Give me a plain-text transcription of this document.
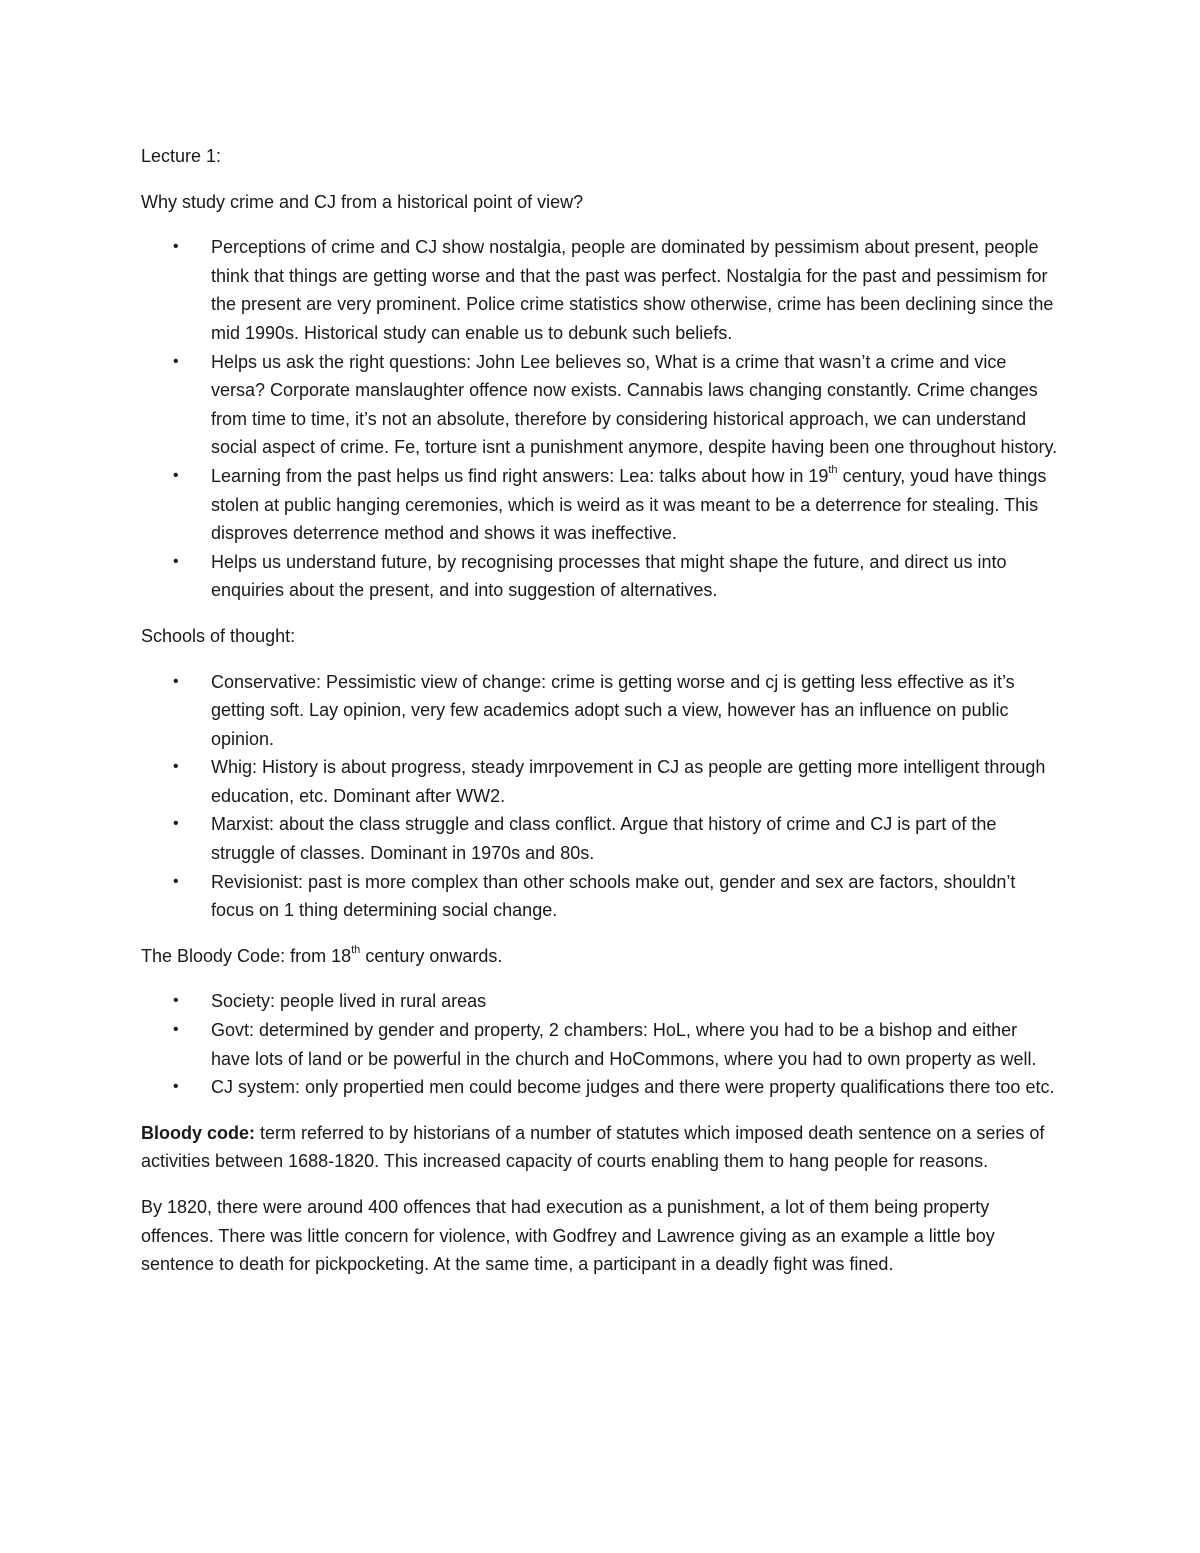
Lecture 1:

Why study crime and CJ from a historical point of view?

• Perceptions of crime and CJ show nostalgia, people are dominated by pessimism about present, people think that things are getting worse and that the past was perfect. Nostalgia for the past and pessimism for the present are very prominent. Police crime statistics show otherwise, crime has been declining since the mid 1990s. Historical study can enable us to debunk such beliefs.
• Helps us ask the right questions: John Lee believes so, What is a crime that wasn’t a crime and vice versa? Corporate manslaughter offence now exists. Cannabis laws changing constantly. Crime changes from time to time, it’s not an absolute, therefore by considering historical approach, we can understand social aspect of crime. Fe, torture isnt a punishment anymore, despite having been one throughout history.
• Learning from the past helps us find right answers: Lea: talks about how in 19th century, youd have things stolen at public hanging ceremonies, which is weird as it was meant to be a deterrence for stealing. This disproves deterrence method and shows it was ineffective.
• Helps us understand future, by recognising processes that might shape the future, and direct us into enquiries about the present, and into suggestion of alternatives.

Schools of thought:

• Conservative: Pessimistic view of change: crime is getting worse and cj is getting less effective as it’s getting soft. Lay opinion, very few academics adopt such a view, however has an influence on public opinion.
• Whig: History is about progress, steady imrpovement in CJ as people are getting more intelligent through education, etc. Dominant after WW2.
• Marxist: about the class struggle and class conflict. Argue that history of crime and CJ is part of the struggle of classes. Dominant in 1970s and 80s.
• Revisionist: past is more complex than other schools make out, gender and sex are factors, shouldn’t focus on 1 thing determining social change.

The Bloody Code: from 18th century onwards.

• Society: people lived in rural areas
• Govt: determined by gender and property, 2 chambers: HoL, where you had to be a bishop and either have lots of land or be powerful in the church and HoCommons, where you had to own property as well.
• CJ system: only propertied men could become judges and there were property qualifications there too etc.

Bloody code: term referred to by historians of a number of statutes which imposed death sentence on a series of activities between 1688-1820. This increased capacity of courts enabling them to hang people for reasons.

By 1820, there were around 400 offences that had execution as a punishment, a lot of them being property offences. There was little concern for violence, with Godfrey and Lawrence giving as an example a little boy sentence to death for pickpocketing. At the same time, a participant in a deadly fight was fined.
